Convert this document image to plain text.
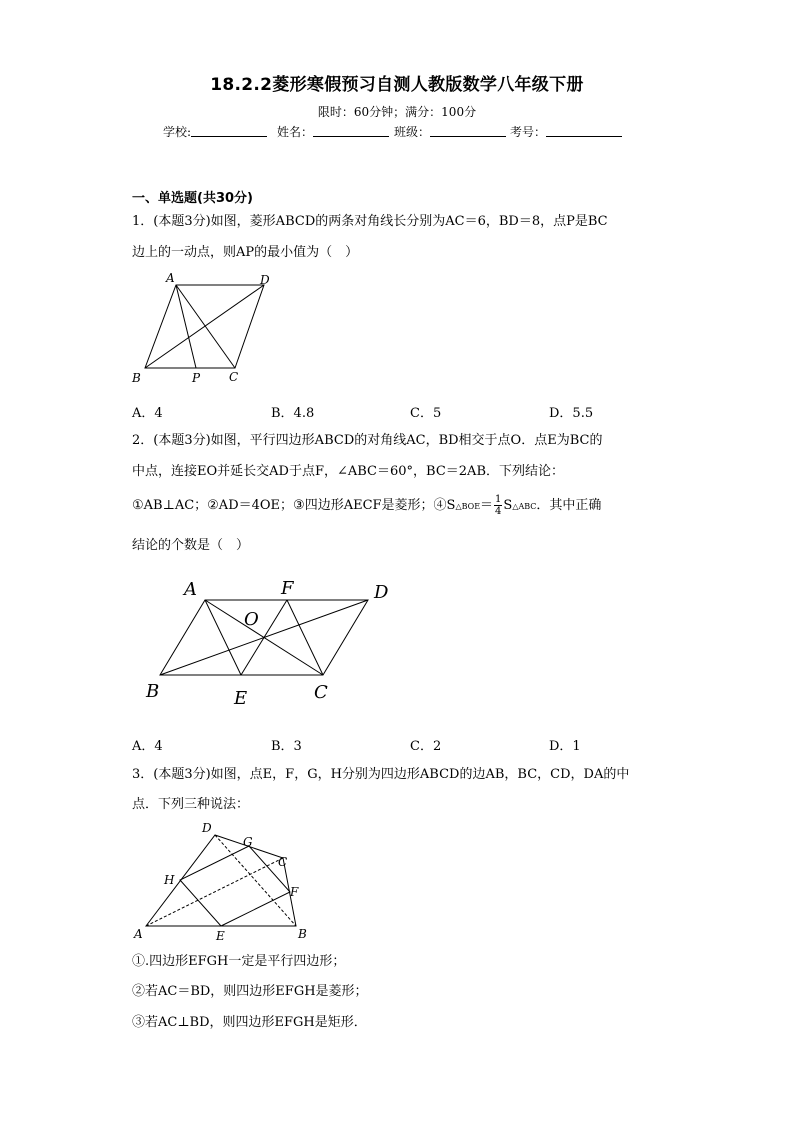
18.2.2菱形寒假预习自测人教版数学八年级下册
限时：60分钟；满分：100分
学校:	姓名：	班级：	考号：
一、单选题(共30分)
1．(本题3分)如图，菱形ABCD的两条对角线长分别为AC＝6，BD＝8，点P是BC
边上的一动点，则AP的最小值为（　）
A	D
B	P C
A．4	B．4.8	C．5	D．5.5
2．(本题3分)如图，平行四边形ABCD的对角线AC，BD相交于点O．点E为BC的
中点，连接EO并延长交AD于点F，∠ABC＝60°，BC＝2AB．下列结论：
①AB⊥AC；②AD＝4OE；③四边形AECF是菱形；④S△BOE＝ $\frac{1}{4}$ S△ABC．其中正确
结论的个数是（　）
A	F	D
O
B	E	C
A．4	B．3	C．2	D．1
3．(本题3分)如图，点E，F，G，H分别为四边形ABCD的边AB，BC，CD，DA的中
点．下列三种说法：
D
G
C
H
F
A	E	B
①.四边形EFGH一定是平行四边形；
②若AC＝BD，则四边形EFGH是菱形；
③若AC⊥BD，则四边形EFGH是矩形．
